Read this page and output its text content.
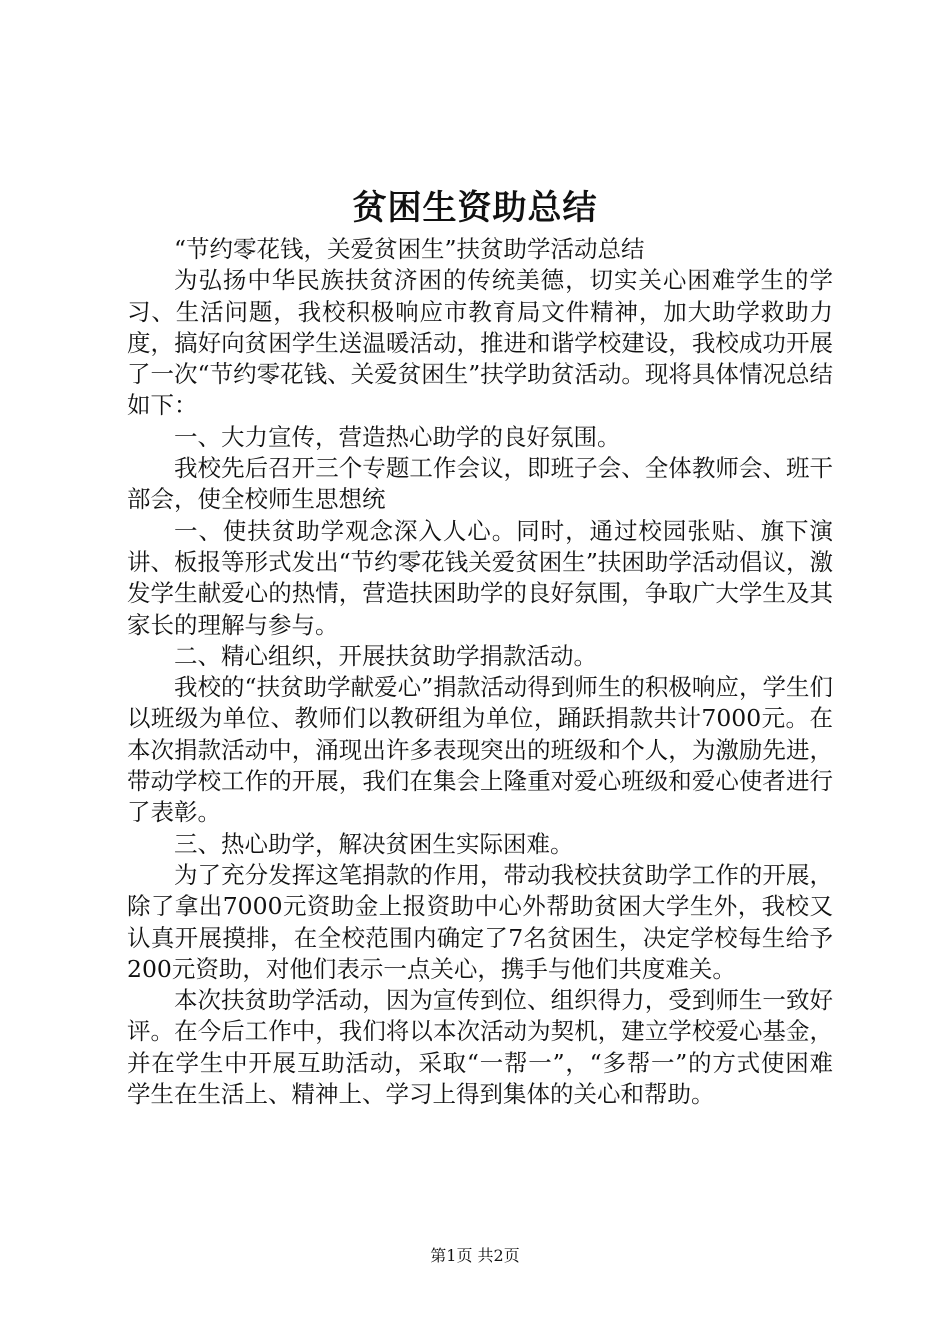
贫困生资助总结

“节约零花钱，关爱贫困生”扶贫助学活动总结

为弘扬中华民族扶贫济困的传统美德，切实关心困难学生的学习、生活问题，我校积极响应市教育局文件精神，加大助学救助力度，搞好向贫困学生送温暖活动，推进和谐学校建设，我校成功开展了一次“节约零花钱、关爱贫困生”扶学助贫活动。现将具体情况总结如下：

一、大力宣传，营造热心助学的良好氛围。

我校先后召开三个专题工作会议，即班子会、全体教师会、班干部会，使全校师生思想统

一、使扶贫助学观念深入人心。同时，通过校园张贴、旗下演讲、板报等形式发出“节约零花钱关爱贫困生”扶困助学活动倡议，激发学生献爱心的热情，营造扶困助学的良好氛围，争取广大学生及其家长的理解与参与。

二、精心组织，开展扶贫助学捐款活动。

我校的“扶贫助学献爱心”捐款活动得到师生的积极响应，学生们以班级为单位、教师们以教研组为单位，踊跃捐款共计7000元。在本次捐款活动中，涌现出许多表现突出的班级和个人，为激励先进，带动学校工作的开展，我们在集会上隆重对爱心班级和爱心使者进行了表彰。

三、热心助学，解决贫困生实际困难。

为了充分发挥这笔捐款的作用，带动我校扶贫助学工作的开展，除了拿出7000元资助金上报资助中心外帮助贫困大学生外，我校又认真开展摸排，在全校范围内确定了7名贫困生，决定学校每生给予200元资助，对他们表示一点关心，携手与他们共度难关。

本次扶贫助学活动，因为宣传到位、组织得力，受到师生一致好评。在今后工作中，我们将以本次活动为契机，建立学校爱心基金，并在学生中开展互助活动，采取“一帮一”，“多帮一”的方式使困难学生在生活上、精神上、学习上得到集体的关心和帮助。

第1页 共2页
